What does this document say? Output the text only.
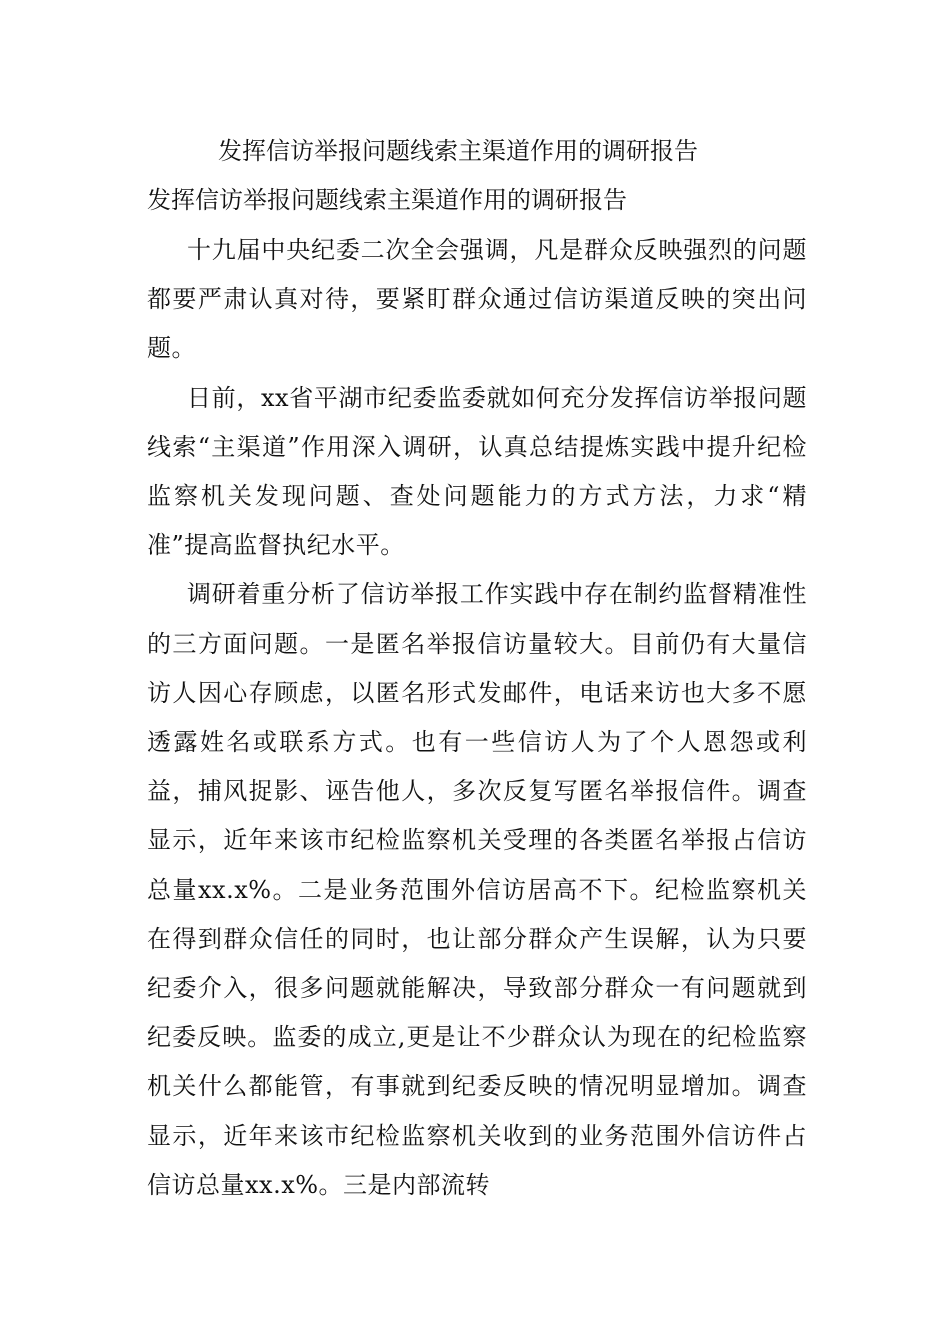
发挥信访举报问题线索主渠道作用的调研报告
发挥信访举报问题线索主渠道作用的调研报告

十九届中央纪委二次全会强调，凡是群众反映强烈的问题都要严肃认真对待，要紧盯群众通过信访渠道反映的突出问题。

日前，xx省平湖市纪委监委就如何充分发挥信访举报问题线索“主渠道”作用深入调研，认真总结提炼实践中提升纪检监察机关发现问题、查处问题能力的方式方法，力求“精准”提高监督执纪水平。

调研着重分析了信访举报工作实践中存在制约监督精准性的三方面问题。一是匿名举报信访量较大。目前仍有大量信访人因心存顾虑，以匿名形式发邮件，电话来访也大多不愿透露姓名或联系方式。也有一些信访人为了个人恩怨或利益，捕风捉影、诬告他人，多次反复写匿名举报信件。调查显示，近年来该市纪检监察机关受理的各类匿名举报占信访总量xx.x%。二是业务范围外信访居高不下。纪检监察机关在得到群众信任的同时，也让部分群众产生误解，认为只要纪委介入，很多问题就能解决，导致部分群众一有问题就到纪委反映。监委的成立,更是让不少群众认为现在的纪检监察机关什么都能管，有事就到纪委反映的情况明显增加。调查显示，近年来该市纪检监察机关收到的业务范围外信访件占信访总量xx.x%。三是内部流转
